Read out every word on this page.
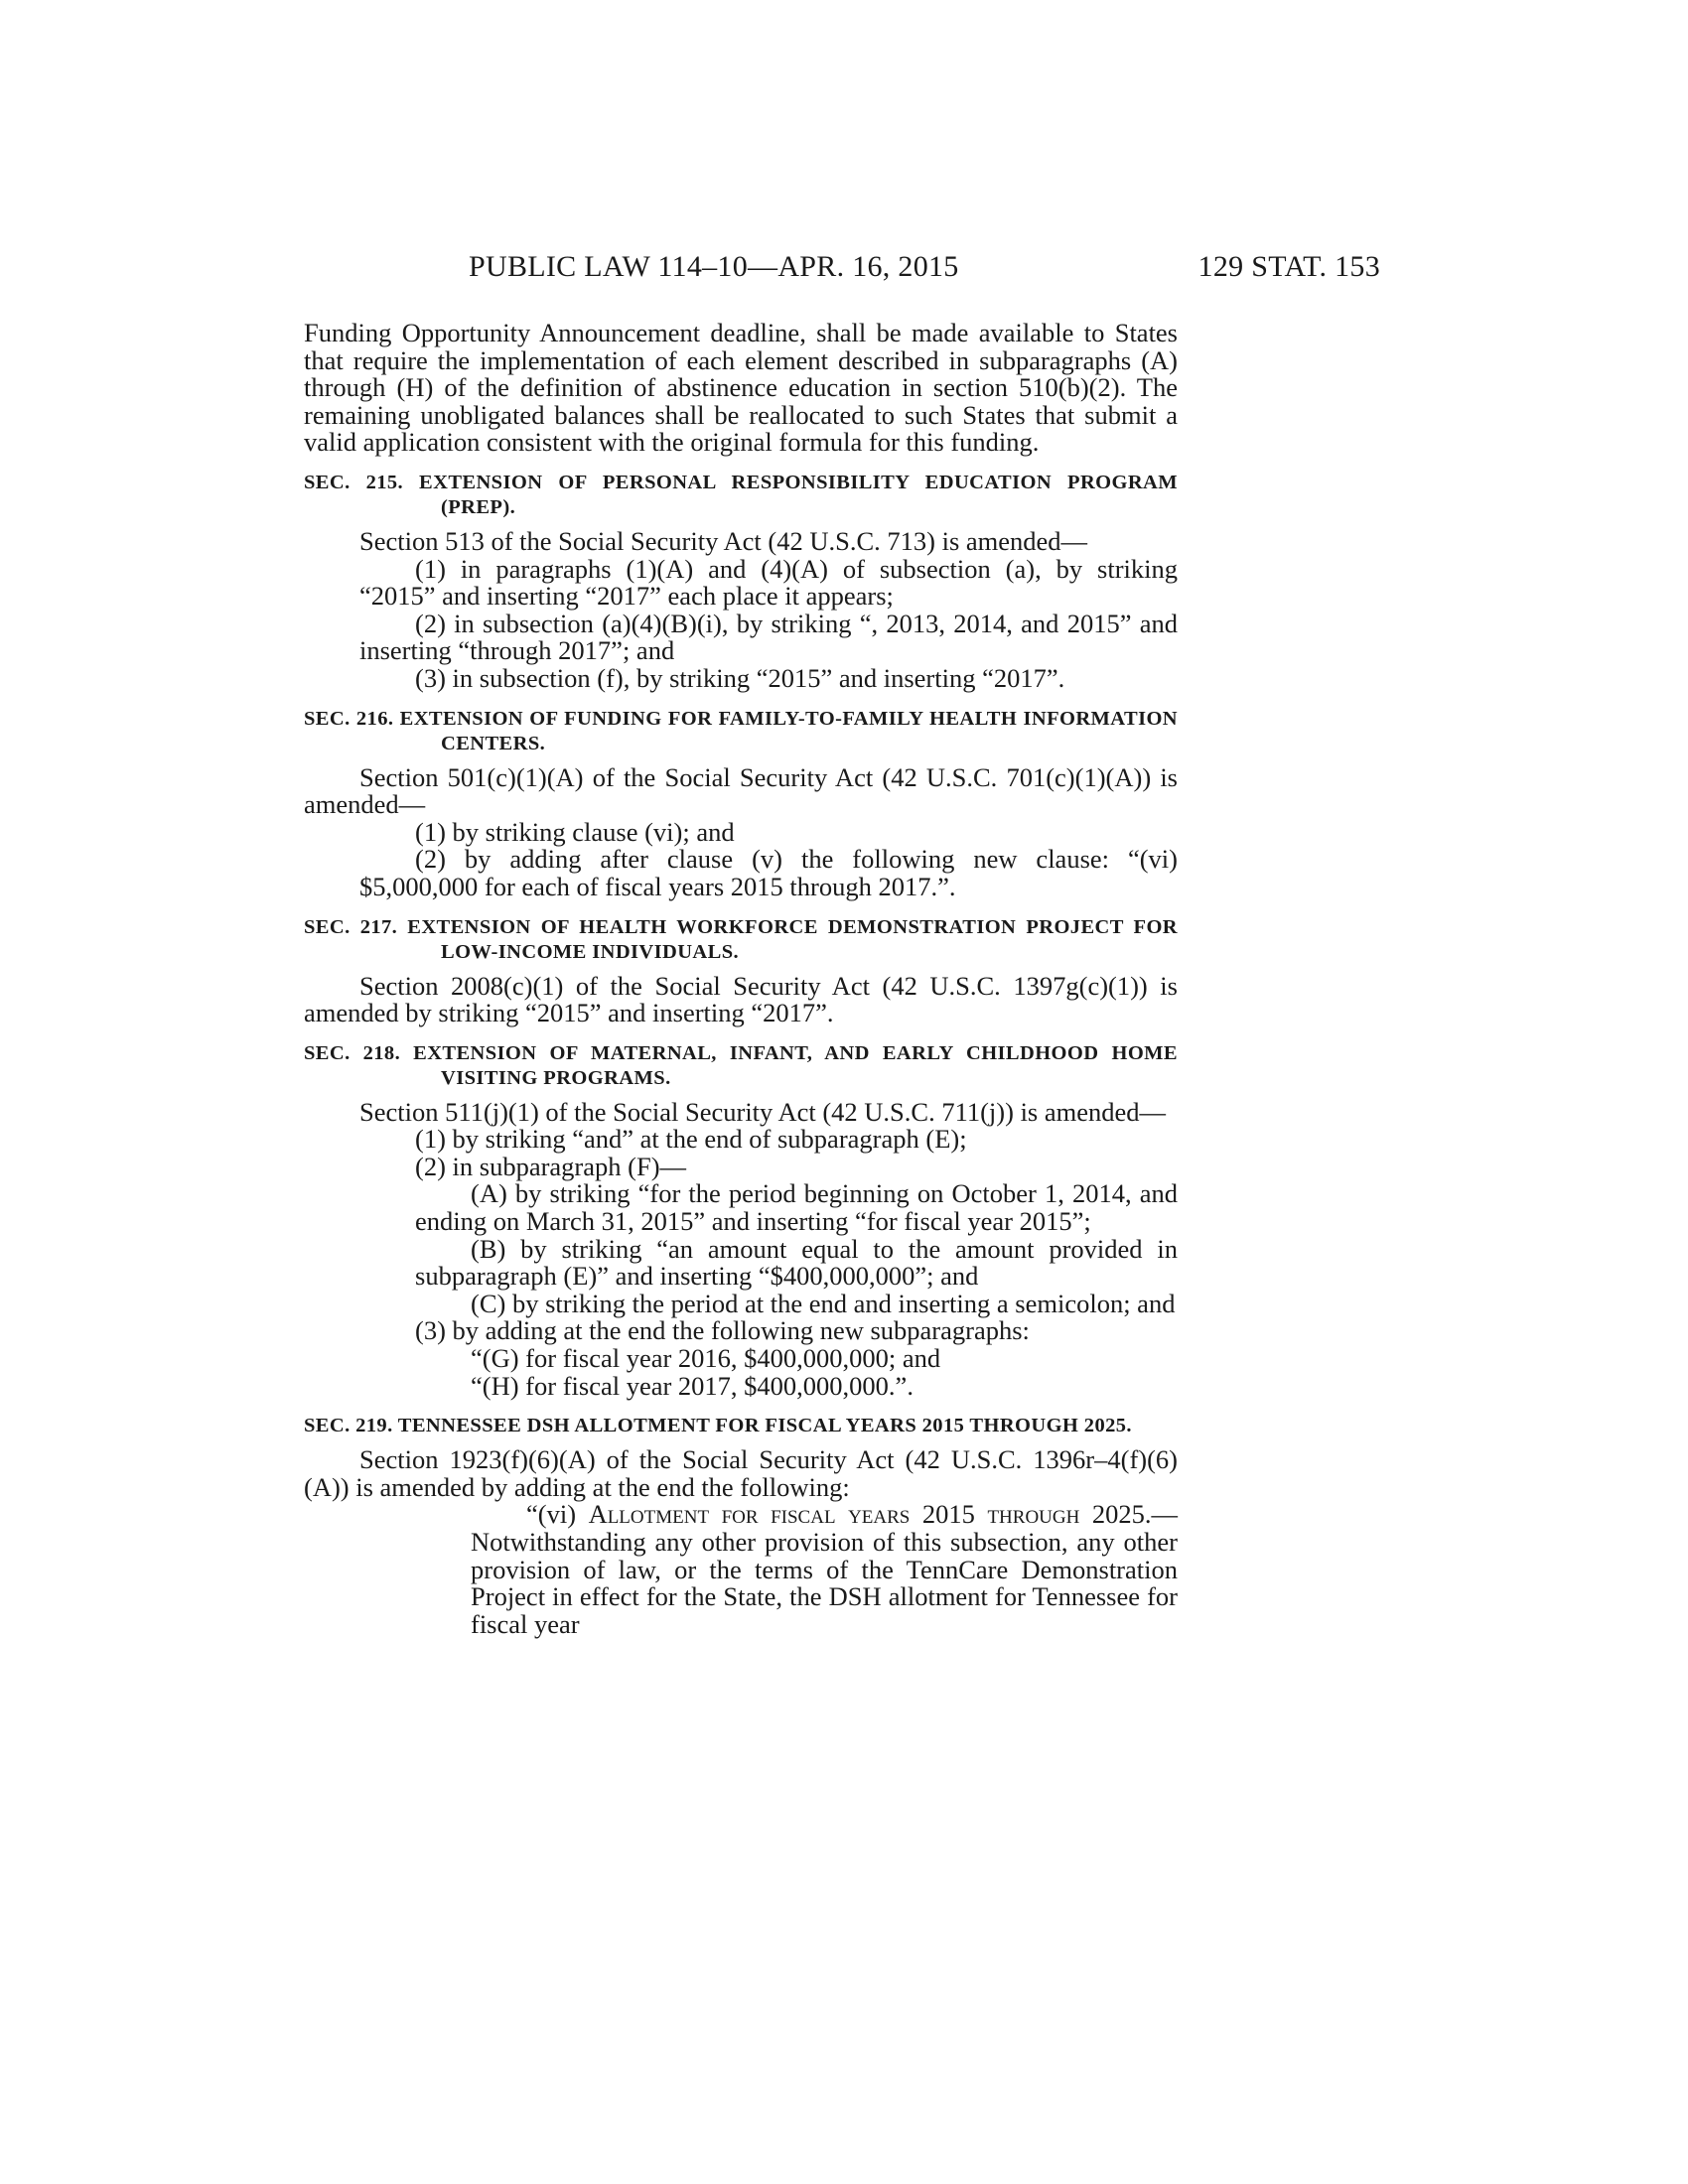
PUBLIC LAW 114–10—APR. 16, 2015	129 STAT. 153

Funding Opportunity Announcement deadline, shall be made available to States that require the implementation of each element described in subparagraphs (A) through (H) of the definition of abstinence education in section 510(b)(2). The remaining unobligated balances shall be reallocated to such States that submit a valid application consistent with the original formula for this funding.

SEC. 215. EXTENSION OF PERSONAL RESPONSIBILITY EDUCATION PROGRAM (PREP).

Section 513 of the Social Security Act (42 U.S.C. 713) is amended—

(1) in paragraphs (1)(A) and (4)(A) of subsection (a), by striking “2015” and inserting “2017” each place it appears;

(2) in subsection (a)(4)(B)(i), by striking “, 2013, 2014, and 2015” and inserting “through 2017”; and

(3) in subsection (f), by striking “2015” and inserting “2017”.

SEC. 216. EXTENSION OF FUNDING FOR FAMILY-TO-FAMILY HEALTH INFORMATION CENTERS.

Section 501(c)(1)(A) of the Social Security Act (42 U.S.C. 701(c)(1)(A)) is amended—

(1) by striking clause (vi); and

(2) by adding after clause (v) the following new clause: “(vi) $5,000,000 for each of fiscal years 2015 through 2017.”.

SEC. 217. EXTENSION OF HEALTH WORKFORCE DEMONSTRATION PROJECT FOR LOW-INCOME INDIVIDUALS.

Section 2008(c)(1) of the Social Security Act (42 U.S.C. 1397g(c)(1)) is amended by striking “2015” and inserting “2017”.

SEC. 218. EXTENSION OF MATERNAL, INFANT, AND EARLY CHILDHOOD HOME VISITING PROGRAMS.

Section 511(j)(1) of the Social Security Act (42 U.S.C. 711(j)) is amended—

(1) by striking “and” at the end of subparagraph (E);

(2) in subparagraph (F)—

(A) by striking “for the period beginning on October 1, 2014, and ending on March 31, 2015” and inserting “for fiscal year 2015”;

(B) by striking “an amount equal to the amount provided in subparagraph (E)” and inserting “$400,000,000”; and

(C) by striking the period at the end and inserting a semicolon; and

(3) by adding at the end the following new subparagraphs:

“(G) for fiscal year 2016, $400,000,000; and

“(H) for fiscal year 2017, $400,000,000.”.

SEC. 219. TENNESSEE DSH ALLOTMENT FOR FISCAL YEARS 2015 THROUGH 2025.

Section 1923(f)(6)(A) of the Social Security Act (42 U.S.C. 1396r–4(f)(6)(A)) is amended by adding at the end the following:

“(vi) Allotment for fiscal years 2015 through 2025.—Notwithstanding any other provision of this subsection, any other provision of law, or the terms of the TennCare Demonstration Project in effect for the State, the DSH allotment for Tennessee for fiscal year
